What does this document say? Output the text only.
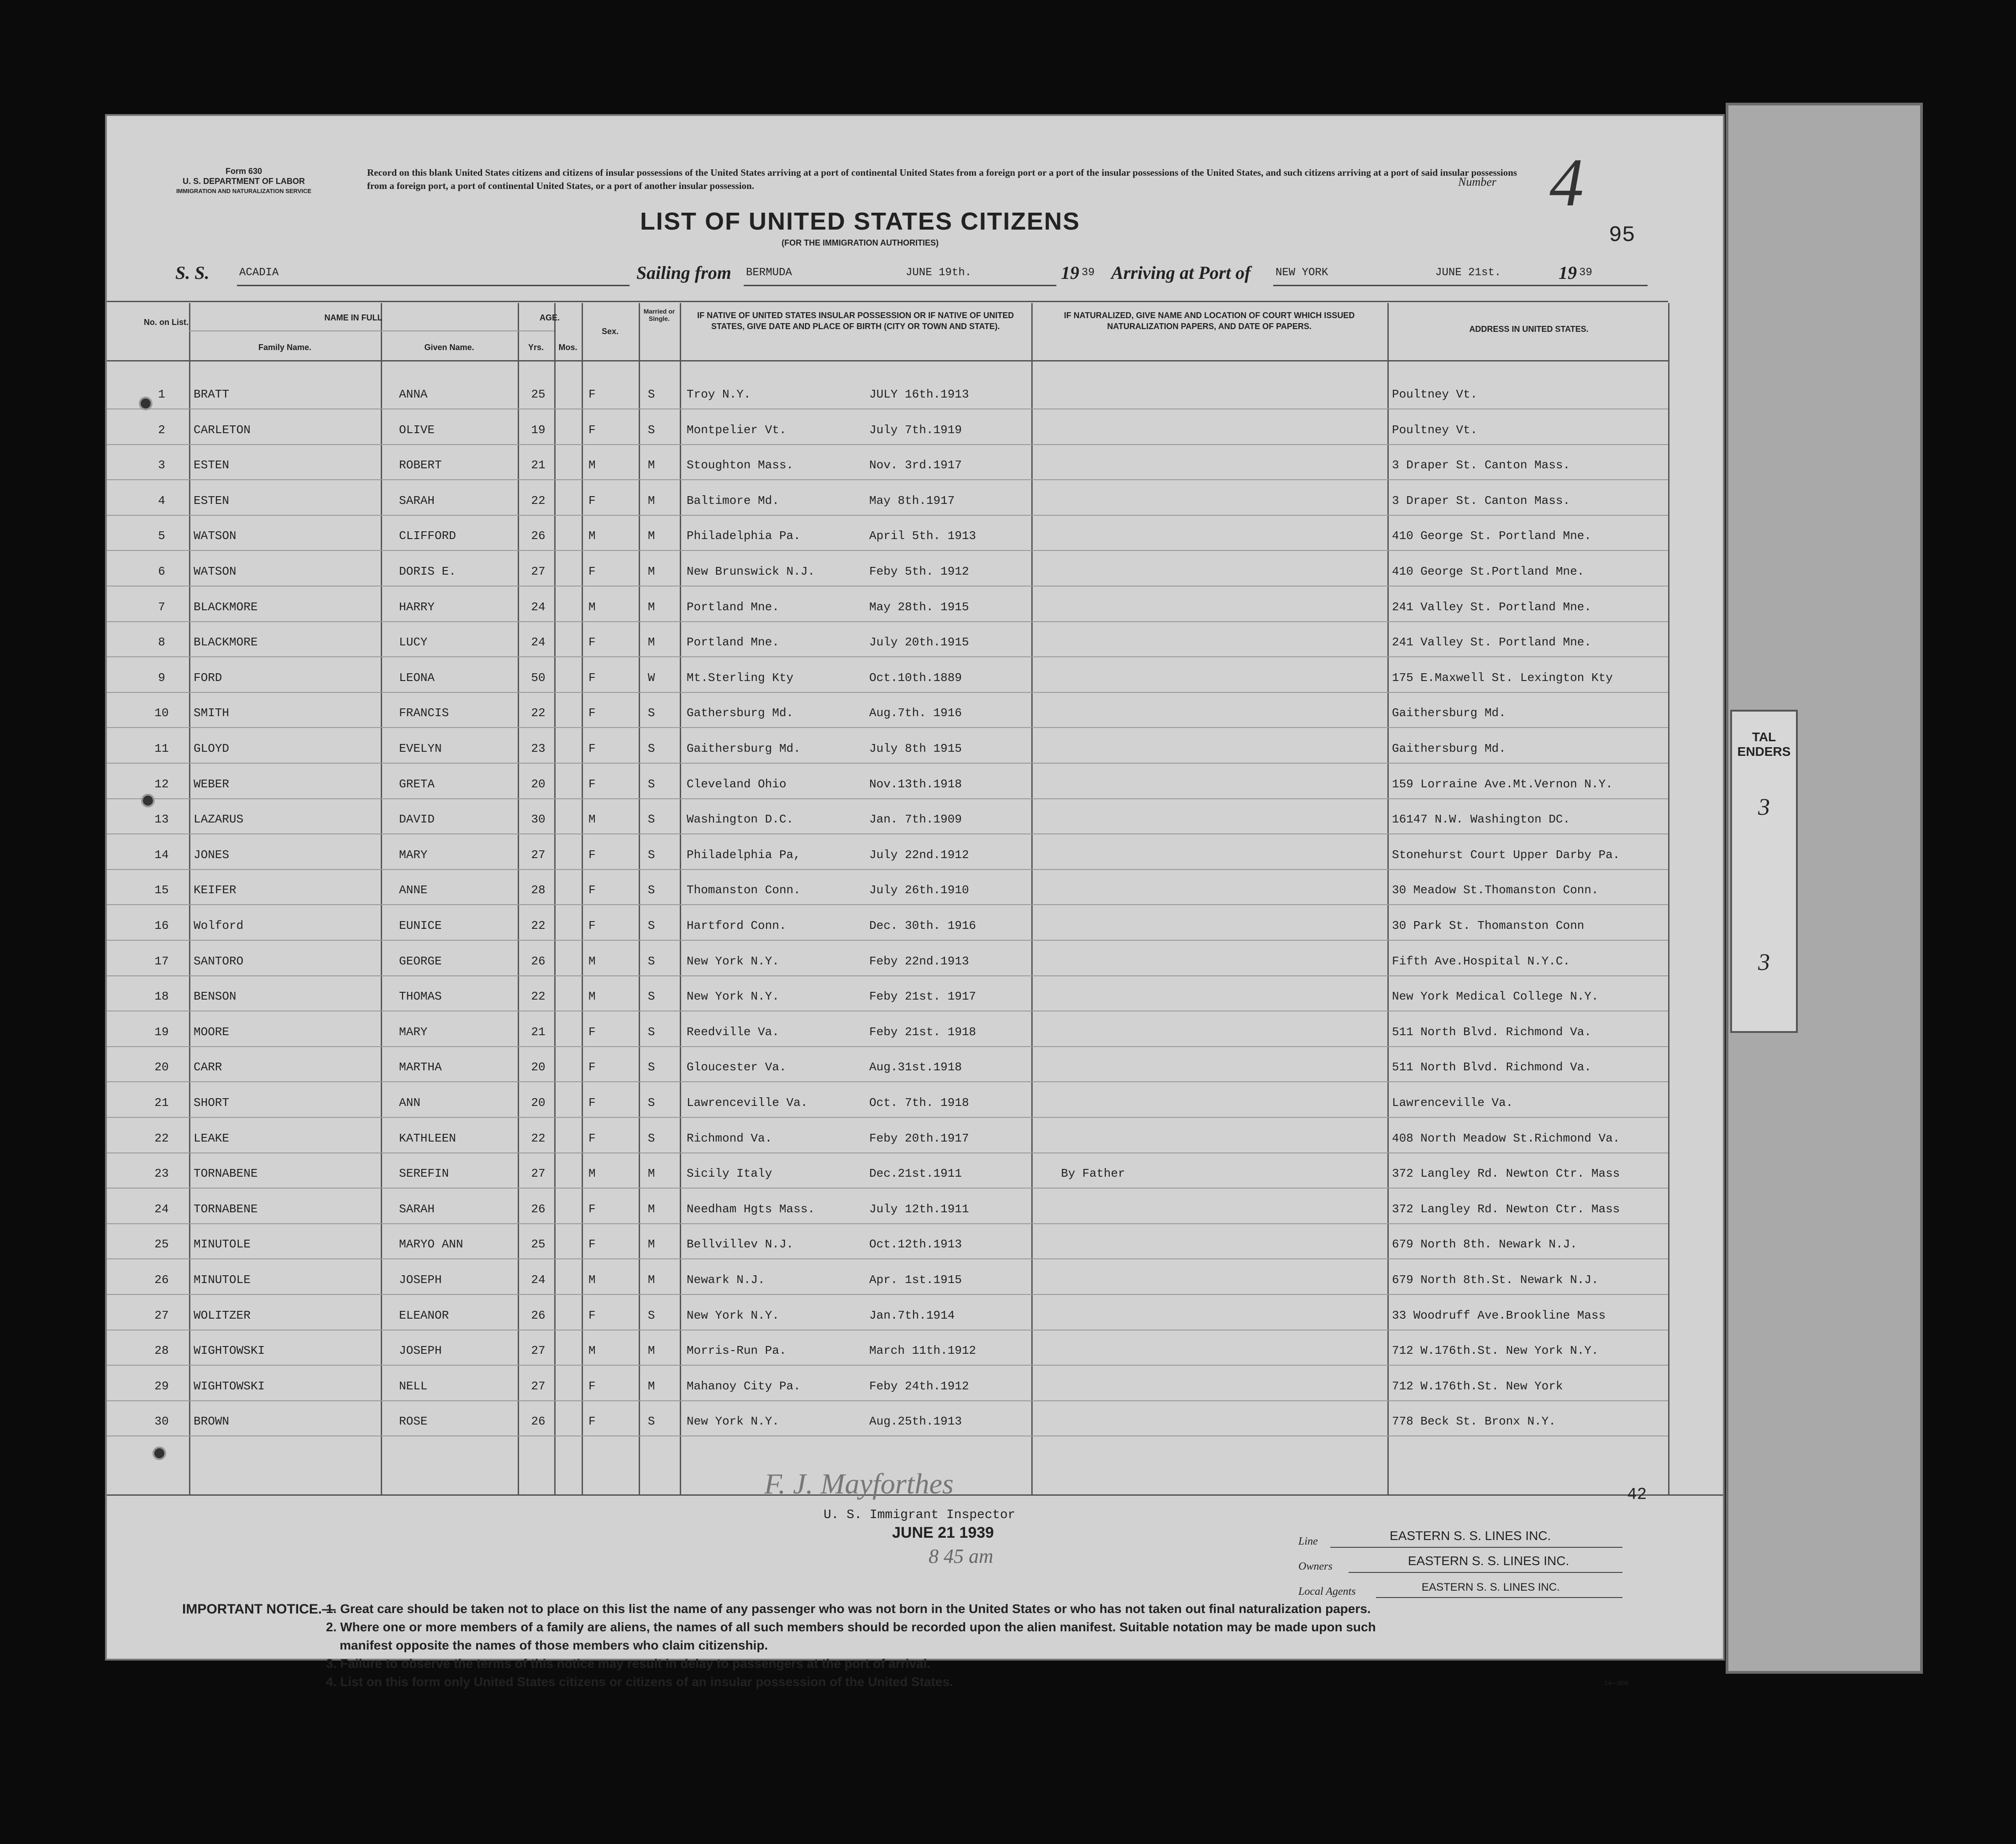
TAL
ENDERS
3
3
Form 630
U. S. DEPARTMENT OF LABOR
IMMIGRATION AND NATURALIZATION SERVICE
Record on this blank United States citizens and citizens of insular possessions of the United States arriving at a port of continental United States from a foreign port or a port of the insular possessions of the United States, and such citizens arriving at a port of said insular possessions from a foreign port, a port of continental United States, or a port of another insular possession.	Number 4
LIST OF UNITED STATES CITIZENS
(FOR THE IMMIGRATION AUTHORITIES)	95
S. S.	ACADIA	Sailing from BERMUDA	JUNE 19th.	19 39 Arriving at Port of NEW YORK	JUNE 21st.	19 39
No. on List.	NAME IN FULL
Family Name.	Given Name.
AGE.
Yrs.	Mos.
Sex.
Married or Single.	IF NATIVE OF UNITED STATES INSULAR POSSESSION OR IF NATIVE OF UNITED STATES, GIVE DATE AND PLACE OF BIRTH (CITY OR TOWN AND STATE).
IF NATURALIZED, GIVE NAME AND LOCATION OF COURT WHICH ISSUED NATURALIZATION PAPERS, AND DATE OF PAPERS.	ADDRESS IN UNITED STATES.
1	BRATT	ANNA	25	F	S	Troy N.Y.	JULY 16th.1913	Poultney Vt.
2	CARLETON	OLIVE	19	F	S	Montpelier Vt.	July 7th.1919	Poultney Vt.
3	ESTEN	ROBERT	21	M	M	Stoughton Mass.	Nov. 3rd.1917	3 Draper St. Canton Mass.
4	ESTEN	SARAH	22	F	M	Baltimore Md.	May 8th.1917	3 Draper St. Canton Mass.
5	WATSON	CLIFFORD	26	M	M	Philadelphia Pa.	April 5th. 1913	410 George St. Portland Mne.
6	WATSON	DORIS E.	27	F	M	New Brunswick N.J.	Feby 5th. 1912	410 George St.Portland Mne.
7	BLACKMORE	HARRY	24	M	M	Portland Mne.	May 28th. 1915	241 Valley St. Portland Mne.
8	BLACKMORE	LUCY	24	F	M	Portland Mne.	July 20th.1915	241 Valley St. Portland Mne.
9	FORD	LEONA	50	F	W	Mt.Sterling Kty	Oct.10th.1889	175 E.Maxwell St. Lexington Kty
10	SMITH	FRANCIS	22	F	S	Gathersburg Md.	Aug.7th. 1916	Gaithersburg Md.
11	GLOYD	EVELYN	23	F	S	Gaithersburg Md.	July 8th 1915	Gaithersburg Md.
12	WEBER	GRETA	20	F	S	Cleveland Ohio	Nov.13th.1918	159 Lorraine Ave.Mt.Vernon N.Y.
13	LAZARUS	DAVID	30	M	S	Washington D.C.	Jan. 7th.1909	16147 N.W. Washington DC.
14	JONES	MARY	27	F	S	Philadelphia Pa,	July 22nd.1912	Stonehurst Court Upper Darby Pa.
15	KEIFER	ANNE	28	F	S	Thomanston Conn.	July 26th.1910	30 Meadow St.Thomanston Conn.
16	Wolford	EUNICE	22	F	S	Hartford Conn.	Dec. 30th. 1916	30 Park St. Thomanston Conn
17	SANTORO	GEORGE	26	M	S	New York N.Y.	Feby 22nd.1913	Fifth Ave.Hospital N.Y.C.
18	BENSON	THOMAS	22	M	S	New York N.Y.	Feby 21st. 1917	New York Medical College N.Y.
19	MOORE	MARY	21	F	S	Reedville Va.	Feby 21st. 1918	511 North Blvd. Richmond Va.
20	CARR	MARTHA	20	F	S	Gloucester Va.	Aug.31st.1918	511 North Blvd. Richmond Va.
21	SHORT	ANN	20	F	S	Lawrenceville Va.	Oct. 7th. 1918	Lawrenceville Va.
22	LEAKE	KATHLEEN	22	F	S	Richmond Va.	Feby 20th.1917	408 North Meadow St.Richmond Va.
23	TORNABENE	SEREFIN	27	M	M	Sicily Italy	Dec.21st.1911	By Father	372 Langley Rd. Newton Ctr. Mass
24	TORNABENE	SARAH	26	F	M	Needham Hgts Mass.	July 12th.1911	372 Langley Rd. Newton Ctr. Mass
25	MINUTOLE	MARYO ANN	25	F	M	Bellvillev N.J.	Oct.12th.1913	679 North 8th. Newark N.J.
26	MINUTOLE	JOSEPH	24	M	M	Newark N.J.	Apr. 1st.1915	679 North 8th.St. Newark N.J.
27	WOLITZER	ELEANOR	26	F	S	New York N.Y.	Jan.7th.1914	33 Woodruff Ave.Brookline Mass
28	WIGHTOWSKI	JOSEPH	27	M	M	Morris-Run Pa.	March 11th.1912	712 W.176th.St. New York N.Y.
29	WIGHTOWSKI	NELL	27	F	M	Mahanoy City Pa.	Feby 24th.1912	712 W.176th.St. New York
30	BROWN	ROSE	26	F	S	New York N.Y.	Aug.25th.1913	778 Beck St. Bronx N.Y.
42
F. J. Mayforthes
U. S. Immigrant Inspector
JUNE 21 1939
8 45 am
Line	EASTERN S. S. LINES INC.
Owners	EASTERN S. S. LINES INC.
Local Agents	EASTERN S. S. LINES INC.
IMPORTANT NOTICE.—
1. Great care should be taken not to place on this list the name of any passenger who was not born in the United States or who has not taken out final naturalization papers.
2. Where one or more members of a family are aliens, the names of all such members should be recorded upon the alien manifest. Suitable notation may be made upon such
manifest opposite the names of those members who claim citizenship.
3. Failure to observe the terms of this notice may result in delay to passengers at the port of arrival.
4. List on this form only United States citizens or citizens of an insular possession of the United States.	14—908
